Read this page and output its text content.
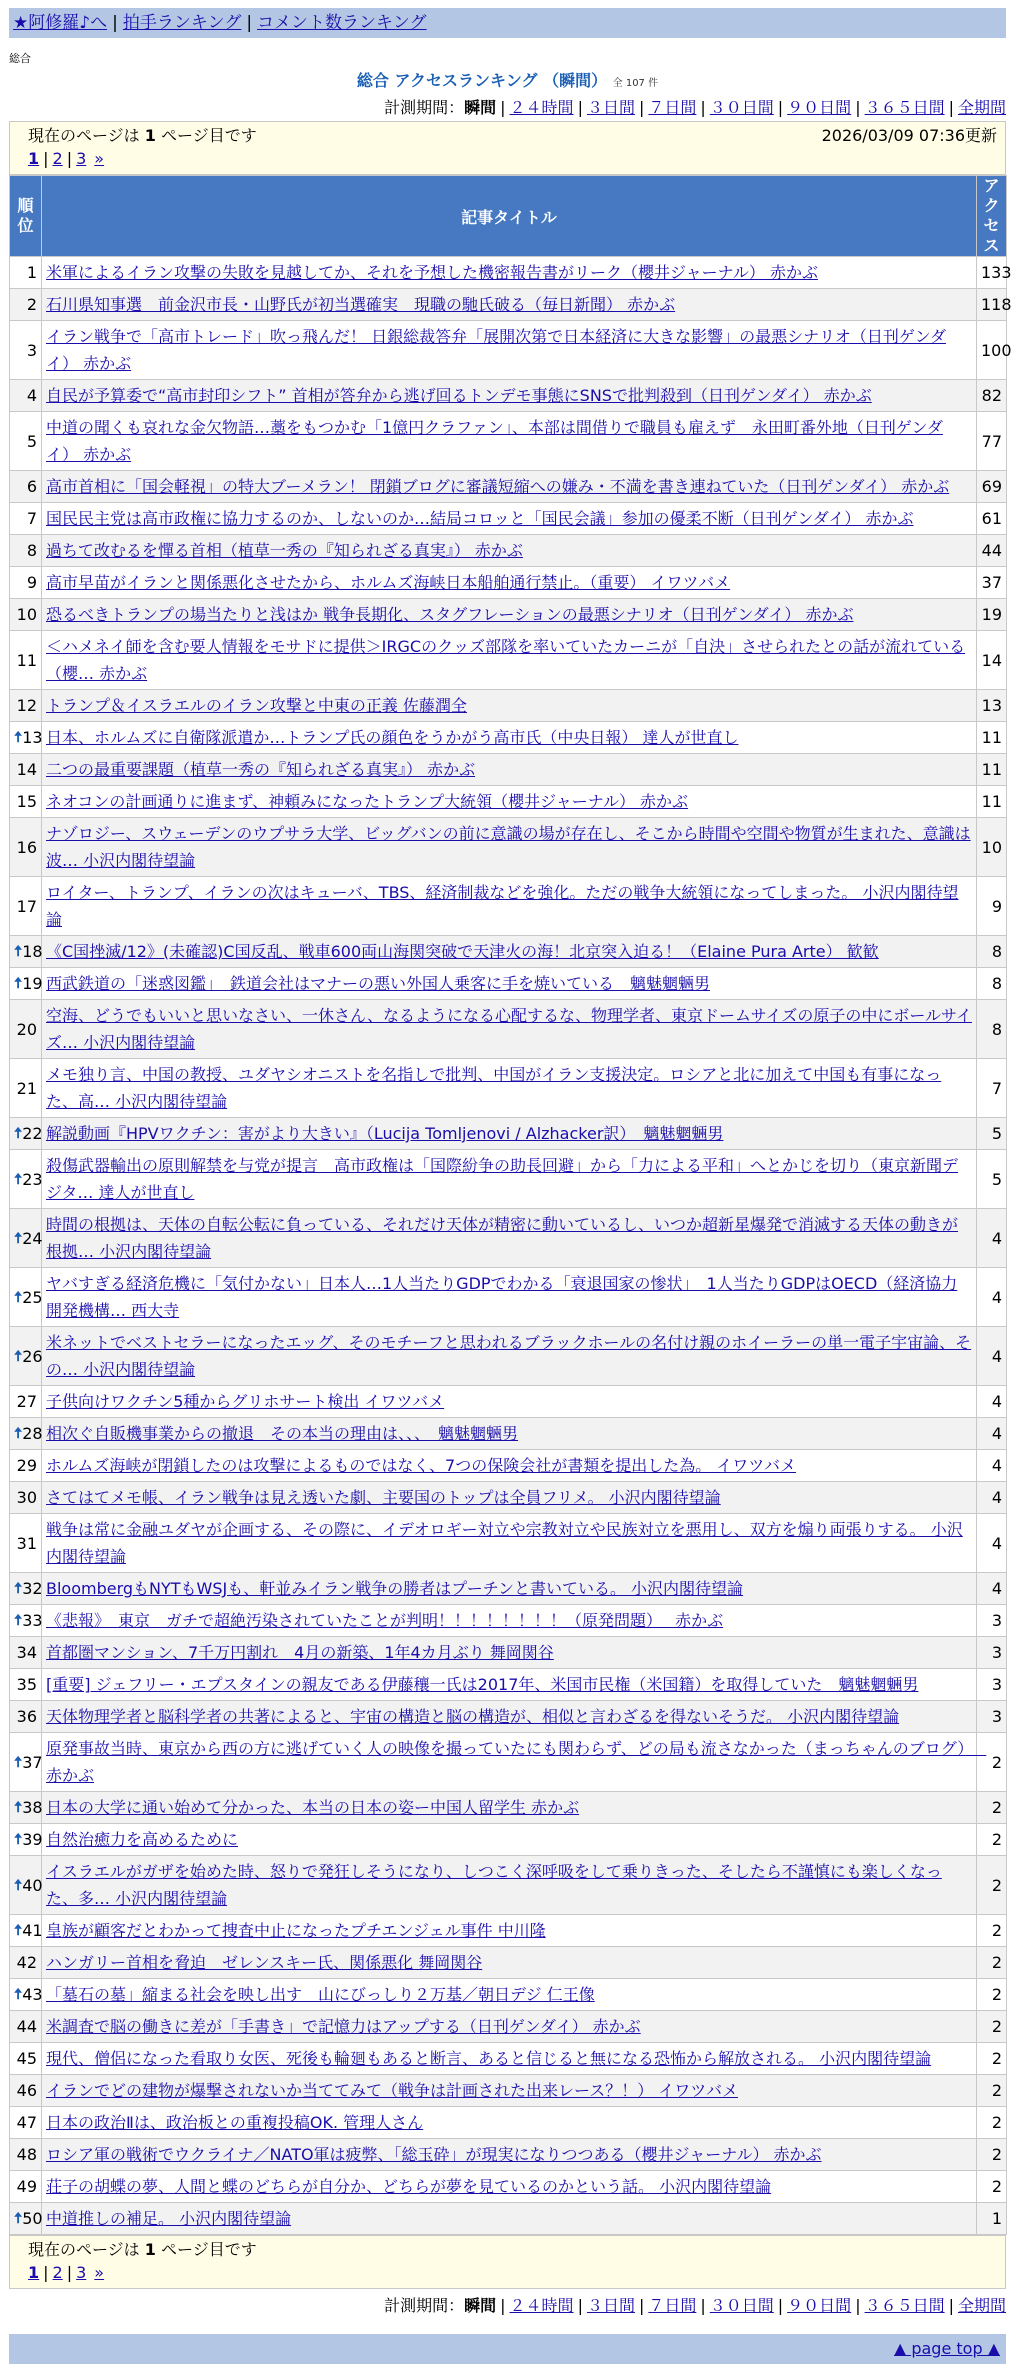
★阿修羅♪へ | 拍手ランキング | コメント数ランキング
総合
総合 アクセスランキング （瞬間） 全 107 件
計測期間：瞬間 | ２４時間 | ３日間 | ７日間 | ３０日間 | ９０日間 | ３６５日間 | 全期間
現在のページは 1 ページ目です	2026/03/09 07:36更新
1 | 2 | 3 »
順位	記事タイトル	アクセス
1	米軍によるイラン攻撃の失敗を見越してか、それを予想した機密報告書がリーク（櫻井ジャーナル） 赤かぶ	133
2	石川県知事選　前金沢市長・山野氏が初当選確実　現職の馳氏破る（毎日新聞） 赤かぶ	118
3	イラン戦争で「高市トレード」吹っ飛んだ！ 日銀総裁答弁「展開次第で日本経済に大きな影響」の最悪シナリオ（日刊ゲンダイ） 赤かぶ	100
4	自民が予算委で“高市封印シフト” 首相が答弁から逃げ回るトンデモ事態にSNSで批判殺到（日刊ゲンダイ） 赤かぶ	82
5	中道の聞くも哀れな金欠物語…藁をもつかむ「1億円クラファン」、本部は間借りで職員も雇えず　永田町番外地（日刊ゲンダイ） 赤かぶ	77
6	高市首相に「国会軽視」の特大ブーメラン！ 閉鎖ブログに審議短縮への嫌み・不満を書き連ねていた（日刊ゲンダイ） 赤かぶ	69
7	国民民主党は高市政権に協力するのか、しないのか…結局コロッと「国民会議」参加の優柔不断（日刊ゲンダイ） 赤かぶ	61
8	過ちて改むるを憚る首相（植草一秀の『知られざる真実』） 赤かぶ	44
9	高市早苗がイランと関係悪化させたから、ホルムズ海峡日本船舶通行禁止。（重要） イワツバメ	37
10	恐るべきトランプの場当たりと浅はか 戦争長期化、スタグフレーションの最悪シナリオ（日刊ゲンダイ） 赤かぶ	19
11	＜ハメネイ師を含む要人情報をモサドに提供＞IRGCのクッズ部隊を率いていたカーニが「自決」させられたとの話が流れている（櫻… 赤かぶ	14
12	トランプ＆イスラエルのイラン攻撃と中東の正義 佐藤潤全	13

🠅 13	日本、ホルムズに自衛隊派遣か…トランプ氏の顔色をうかがう高市氏（中央日報） 達人が世直し	11
14	二つの最重要課題（植草一秀の『知られざる真実』） 赤かぶ	11
15	ネオコンの計画通りに進まず、神頼みになったトランプ大統領（櫻井ジャーナル） 赤かぶ	11
16	ナゾロジー、スウェーデンのウプサラ大学、ビッグバンの前に意識の場が存在し、そこから時間や空間や物質が生まれた、意識は波… 小沢内閣待望論	10
17	ロイター、トランプ、イランの次はキューバ、TBS、経済制裁などを強化。ただの戦争大統領になってしまった。 小沢内閣待望論	9

🠅 18	《C国挫滅/12》(未確認)C国反乱、戦車600両山海関突破で天津火の海！北京突入迫る！（Elaine Pura Arte） 歓歓	8

🠅 19	西武鉄道の「迷惑図鑑」　鉄道会社はマナーの悪い外国人乗客に手を焼いている　魑魅魍魎男	8
20	空海、どうでもいいと思いなさい、一休さん、なるようになる心配するな、物理学者、東京ドームサイズの原子の中にボールサイズ… 小沢内閣待望論	8
21	メモ独り言、中国の教授、ユダヤシオニストを名指しで批判、中国がイラン支援決定。ロシアと北に加えて中国も有事になった、高… 小沢内閣待望論	7

🠅 22	解説動画『HPVワクチン：害がより大きい』（Lucija Tomljenovi / Alzhacker訳）　魑魅魍魎男	5

🠅 23	殺傷武器輸出の原則解禁を与党が提言　高市政権は「国際紛争の助長回避」から「力による平和」へとかじを切り（東京新聞デジタ… 達人が世直し	5

🠅 24	時間の根拠は、天体の自転公転に負っている、それだけ天体が精密に動いているし、いつか超新星爆発で消滅する天体の動きが根拠… 小沢内閣待望論	4

🠅 25	ヤバすぎる経済危機に「気付かない」日本人…1人当たりGDPでわかる「衰退国家の惨状」　1人当たりGDPはOECD（経済協力開発機構… 西大寺	4

🠅 26	米ネットでベストセラーになったエッグ、そのモチーフと思われるブラックホールの名付け親のホイーラーの単一電子宇宙論、その… 小沢内閣待望論	4
27	子供向けワクチン5種からグリホサート検出 イワツバメ	4

🠅 28	相次ぐ自販機事業からの撤退　その本当の理由は、、、　魑魅魍魎男	4
29	ホルムズ海峡が閉鎖したのは攻撃によるものではなく、7つの保険会社が書類を提出した為。 イワツバメ	4
30	さてはてメモ帳、イラン戦争は見え透いた劇、主要国のトップは全員フリメ。 小沢内閣待望論	4
31	戦争は常に金融ユダヤが企画する、その際に、イデオロギー対立や宗教対立や民族対立を悪用し、双方を煽り両張りする。 小沢内閣待望論	4

🠅 32	BloombergもNYTもWSJも、軒並みイラン戦争の勝者はプーチンと書いている。 小沢内閣待望論	4

🠅 33	《悲報》　東京　ガチで超絶汚染されていたことが判明！！！！！！！！（原発問題）　 赤かぶ	3
34	首都圏マンション、7千万円割れ　4月の新築、1年4カ月ぶり 舞岡関谷	3
35	[重要] ジェフリー・エプスタインの親友である伊藤穰一氏は2017年、米国市民権（米国籍）を取得していた　魑魅魍魎男	3
36	天体物理学者と脳科学者の共著によると、宇宙の構造と脳の構造が、相似と言わざるを得ないそうだ。 小沢内閣待望論	3

🠅 37	原発事故当時、東京から西の方に逃げていく人の映像を撮っていたにも関わらず、どの局も流さなかった（まっちゃんのブログ）　 赤かぶ	2

🠅 38	日本の大学に通い始めて分かった、本当の日本の姿ー中国人留学生 赤かぶ	2

🠅 39	自然治癒力を高めるために	2

🠅 40	イスラエルがガザを始めた時、怒りで発狂しそうになり、しつこく深呼吸をして乗りきった、そしたら不謹慎にも楽しくなった、多… 小沢内閣待望論	2

🠅 41	皇族が顧客だとわかって捜査中止になったプチエンジェル事件 中川隆	2
42	ハンガリー首相を脅迫　ゼレンスキー氏、関係悪化 舞岡関谷	2

🠅 43	「墓石の墓」縮まる社会を映し出す　山にびっしり２万基／朝日デジ 仁王像	2
44	米調査で脳の働きに差が「手書き」で記憶力はアップする（日刊ゲンダイ） 赤かぶ	2
45	現代、僧侶になった看取り女医、死後も輪廻もあると断言、あると信じると無になる恐怖から解放される。 小沢内閣待望論	2
46	イランでどの建物が爆撃されないか当ててみて（戦争は計画された出来レース？！） イワツバメ	2
47	日本の政治Ⅱは、政治板との重複投稿OK. 管理人さん	2
48	ロシア軍の戦術でウクライナ／NATO軍は疲弊、「総玉砕」が現実になりつつある（櫻井ジャーナル） 赤かぶ	2
49	荘子の胡蝶の夢、人間と蝶のどちらが自分か、どちらが夢を見ているのかという話。 小沢内閣待望論	2

🠅 50	中道推しの補足。 小沢内閣待望論	1
現在のページは 1 ページ目です
1 | 2 | 3 »
計測期間：瞬間 | ２４時間 | ３日間 | ７日間 | ３０日間 | ９０日間 | ３６５日間 | 全期間
▲ page top ▲
